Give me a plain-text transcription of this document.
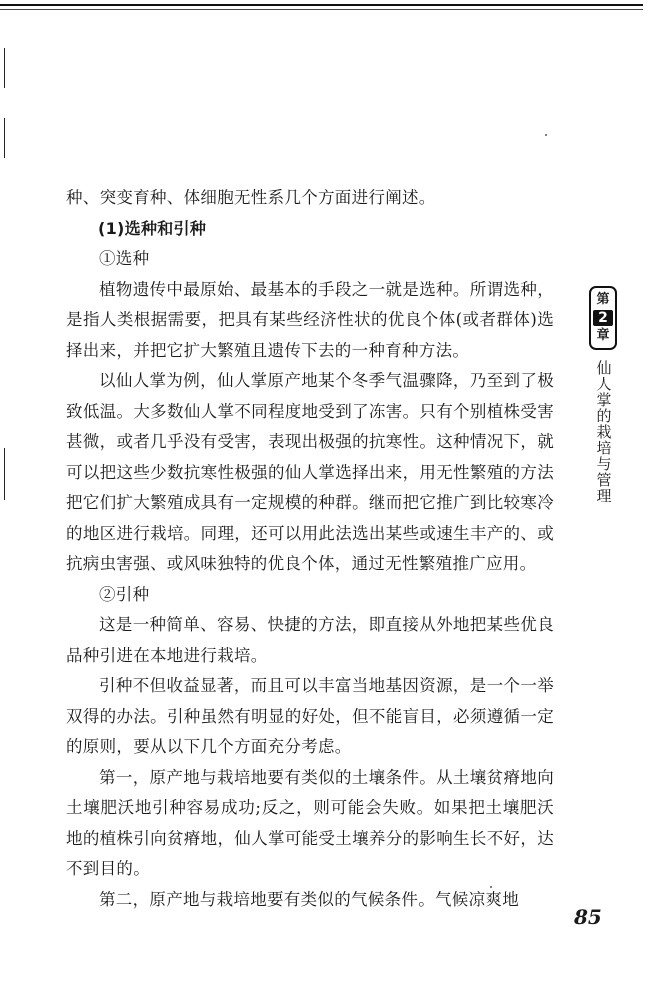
种、突变育种、体细胞无性系几个方面进行阐述。

(1)选种和引种

①选种

植物遗传中最原始、最基本的手段之一就是选种。所谓选种，是指人类根据需要，把具有某些经济性状的优良个体(或者群体)选择出来，并把它扩大繁殖且遗传下去的一种育种方法。

以仙人掌为例，仙人掌原产地某个冬季气温骤降，乃至到了极致低温。大多数仙人掌不同程度地受到了冻害。只有个别植株受害甚微，或者几乎没有受害，表现出极强的抗寒性。这种情况下，就可以把这些少数抗寒性极强的仙人掌选择出来，用无性繁殖的方法把它们扩大繁殖成具有一定规模的种群。继而把它推广到比较寒冷的地区进行栽培。同理，还可以用此法选出某些或速生丰产的、或抗病虫害强、或风味独特的优良个体，通过无性繁殖推广应用。

②引种

这是一种简单、容易、快捷的方法，即直接从外地把某些优良品种引进在本地进行栽培。

引种不但收益显著，而且可以丰富当地基因资源，是一个一举双得的办法。引种虽然有明显的好处，但不能盲目，必须遵循一定的原则，要从以下几个方面充分考虑。

第一，原产地与栽培地要有类似的土壤条件。从土壤贫瘠地向土壤肥沃地引种容易成功;反之，则可能会失败。如果把土壤肥沃地的植株引向贫瘠地，仙人掌可能受土壤养分的影响生长不好，达不到目的。

第二，原产地与栽培地要有类似的气候条件。气候凉爽地

第
2
章
仙人掌的栽培与管理
85
